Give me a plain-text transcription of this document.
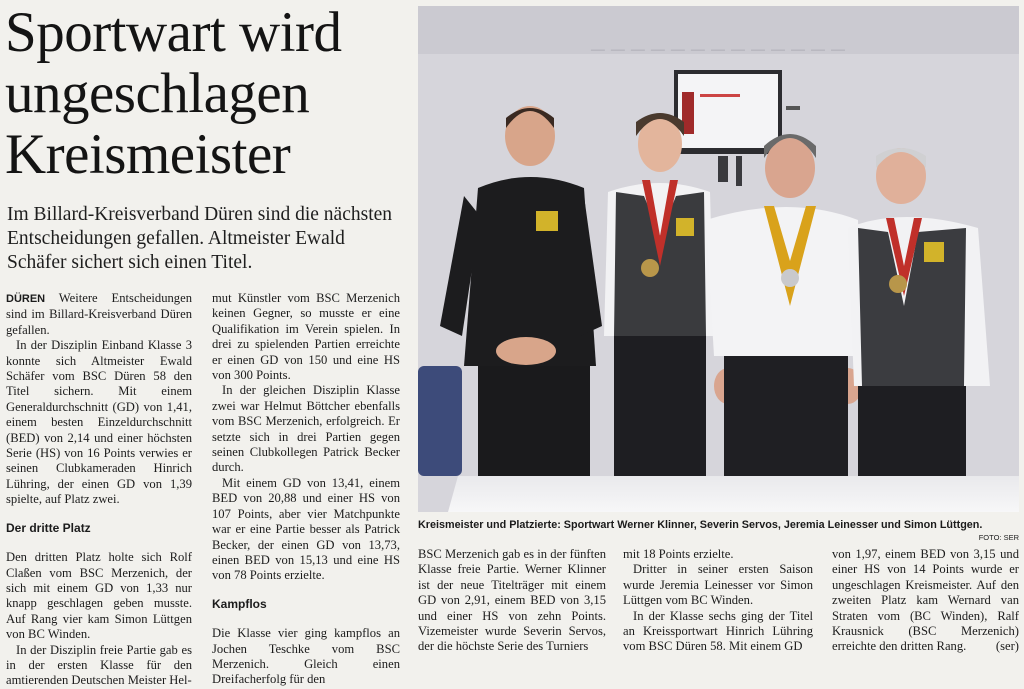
Sportwart wird
ungeschlagen
Kreismeister
Im Billard-Kreisverband Düren sind die nächsten Entscheidungen gefallen. Altmeister Ewald Schäfer sichert sich einen Titel.

DÜREN Weitere Entscheidungen sind im Billard-Kreisverband Düren gefallen.

In der Disziplin Einband Klasse 3 konnte sich Altmeister Ewald Schäfer vom BSC Düren 58 den Titel sichern. Mit einem Generaldurchschnitt (GD) von 1,41, einem besten Einzeldurchschnitt (BED) von 2,14 und einer höchsten Serie (HS) von 16 Points verwies er seinen Clubkameraden Hinrich Lühring, der einen GD von 1,39 spielte, auf Platz zwei.

Der dritte Platz

Den dritten Platz holte sich Rolf Claßen vom BSC Merzenich, der sich mit einem GD von 1,33 nur knapp geschlagen geben musste. Auf Rang vier kam Simon Lüttgen von BC Winden.

In der Disziplin freie Partie gab es in der ersten Klasse für den amtierenden Deutschen Meister Hel-

mut Künstler vom BSC Merzenich keinen Gegner, so musste er eine Qualifikation im Verein spielen. In drei zu spielenden Partien erreichte er einen GD von 150 und eine HS von 300 Points.

In der gleichen Disziplin Klasse zwei war Helmut Böttcher ebenfalls vom BSC Merzenich, erfolgreich. Er setzte sich in drei Partien gegen seinen Clubkollegen Patrick Becker durch.

Mit einem GD von 13,41, einem BED von 20,88 und einer HS von 107 Points, aber vier Matchpunkte war er eine Partie besser als Patrick Becker, der einen GD von 13,73, einen BED von 15,13 und eine HS von 78 Points erzielte.

Kampflos

Die Klasse vier ging kampflos an Jochen Teschke vom BSC Merzenich. Gleich einen Dreifacherfolg für den

_ _ _ _ _ _ _ _ _ _ _ _ _
Kreismeister und Platzierte: Sportwart Werner Klinner, Severin Servos, Jeremia Leinesser und Simon Lüttgen.
FOTO: SER

BSC Merzenich gab es in der fünften Klasse freie Partie. Werner Klinner ist der neue Titelträger mit einem GD von 2,91, einem BED von 3,15 und einer HS von zehn Points. Vizemeister wurde Severin Servos, der die höchste Serie des Turniers

mit 18 Points erzielte.

Dritter in seiner ersten Saison wurde Jeremia Leinesser vor Simon Lüttgen vom BC Winden.

In der Klasse sechs ging der Titel an Kreissportwart Hinrich Lühring vom BSC Düren 58. Mit einem GD

von 1,97, einem BED von 3,15 und einer HS von 14 Points wurde er ungeschlagen Kreismeister. Auf den zweiten Platz kam Wernard van Straten vom (BC Winden), Ralf Krausnick (BSC Merzenich) erreichte den dritten Rang. (ser)
